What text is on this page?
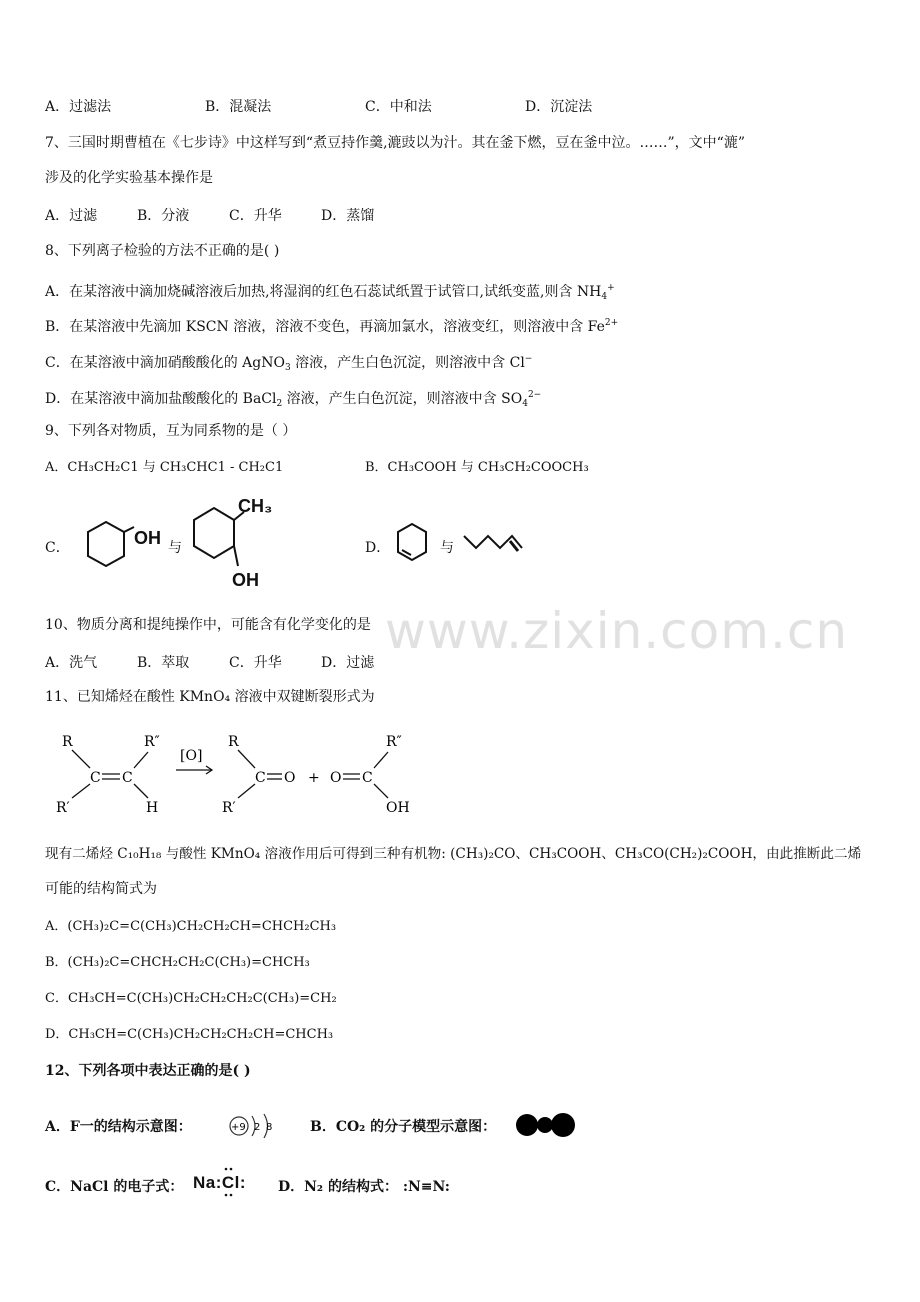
www.zixin.com.cn
A．过滤法	B．混凝法	C．中和法	D．沉淀法
7、三国时期曹植在《七步诗》中这样写到“煮豆持作羹,漉豉以为汁。其在釜下燃，豆在釜中泣。……”，文中“漉”
涉及的化学实验基本操作是
A．过滤	B．分液	C．升华	D．蒸馏
8、下列离子检验的方法不正确的是( )
A．在某溶液中滴加烧碱溶液后加热,将湿润的红色石蕊试纸置于试管口,试纸变蓝,则含 $NH_4^+$
B．在某溶液中先滴加 KSCN 溶液，溶液不变色，再滴加氯水，溶液变红，则溶液中含 $Fe^{2+}$
C．在某溶液中滴加硝酸酸化的 AgNO$_3$ 溶液，产生白色沉淀，则溶液中含 Cl−
D．在某溶液中滴加盐酸酸化的 BaCl$_2$ 溶液，产生白色沉淀，则溶液中含 $SO_4^{2-}$
9、下列各对物质，互为同系物的是（ ）
A．CH₃CH₂C1 与 CH₃CHC1 - CH₂C1	B．CH₃COOH 与 CH₃CH₂COOCH₃
C．	OH 与
CH₃
OH
D．	与
10、物质分离和提纯操作中，可能含有化学变化的是
A．洗气	B．萃取	C．升华	D．过滤
11、已知烯烃在酸性 KMnO₄ 溶液中双键断裂形式为
R	R″
R′	H
C C
[O]
R
R′
C O + O C
R″
OH
现有二烯烃 C₁₀H₁₈ 与酸性 KMnO₄ 溶液作用后可得到三种有机物: (CH₃)₂CO、CH₃COOH、CH₃CO(CH₂)₂COOH，由此推断此二烯
可能的结构简式为
A．(CH₃)₂C=C(CH₃)CH₂CH₂CH=CHCH₂CH₃
B．(CH₃)₂C=CHCH₂CH₂C(CH₃)=CHCH₃
C．CH₃CH=C(CH₃)CH₂CH₂CH₂C(CH₃)=CH₂
D．CH₃CH=C(CH₃)CH₂CH₂CH₂CH=CHCH₃
12、下列各项中表达正确的是( )
A．F一的结构示意图：	+9 2 8	B．CO₂ 的分子模型示意图：
C．NaCl 的电子式： Na:Cl: D．N₂ 的结构式： :N≡N:
